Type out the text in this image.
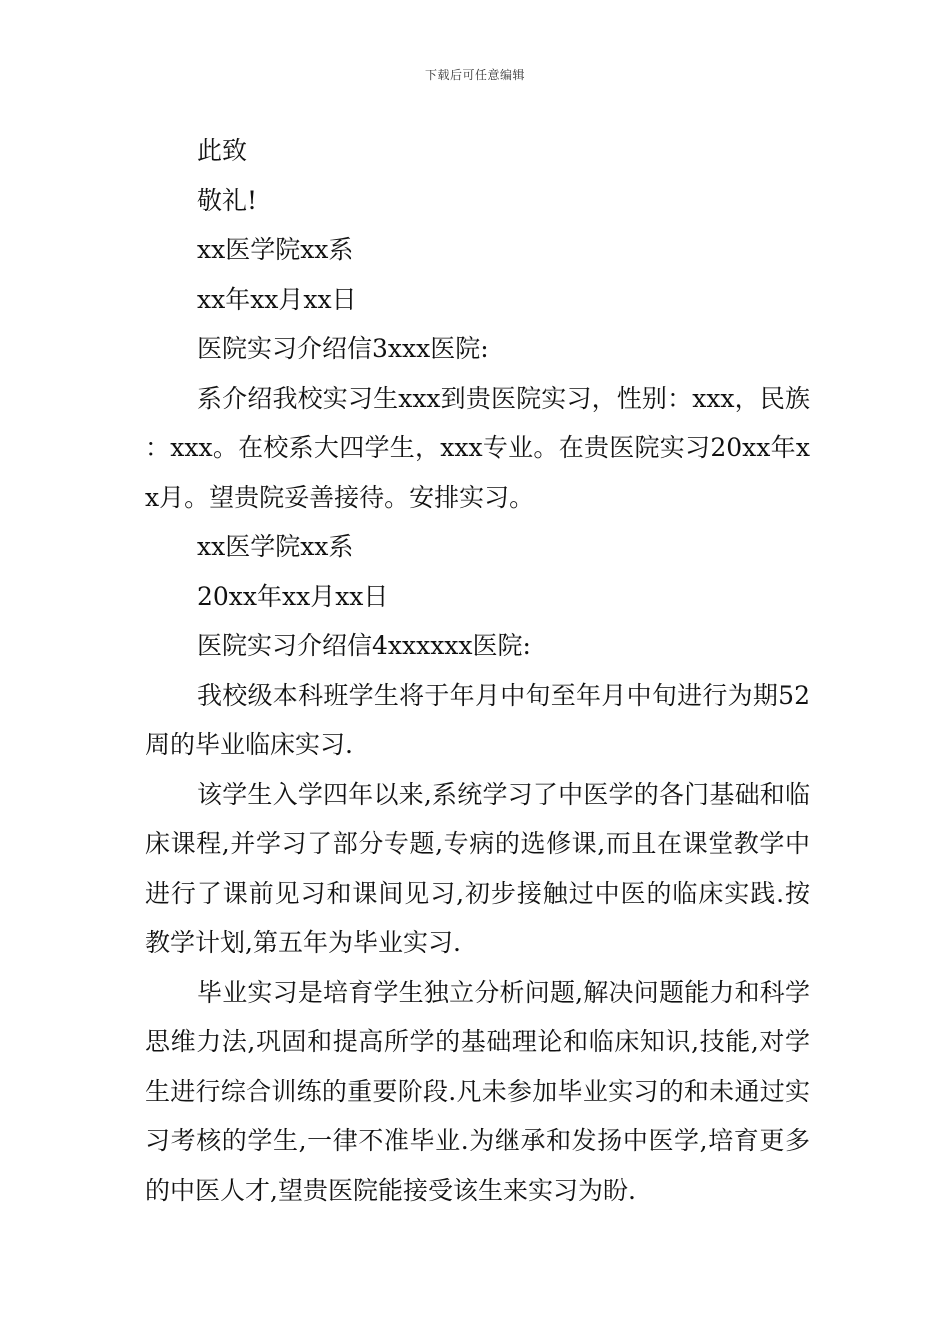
下载后可任意编辑

此致

敬礼!

xx医学院xx系

xx年xx月xx日

医院实习介绍信3xxx医院:

系介绍我校实习生xxx到贵医院实习，性别：xxx，民族：xxx。在校系大四学生，xxx专业。在贵医院实习20xx年xx月。望贵院妥善接待。安排实习。

xx医学院xx系

20xx年xx月xx日

医院实习介绍信4xxxxxx医院:

我校级本科班学生将于年月中旬至年月中旬进行为期52周的毕业临床实习.

该学生入学四年以来,系统学习了中医学的各门基础和临床课程,并学习了部分专题,专病的选修课,而且在课堂教学中进行了课前见习和课间见习,初步接触过中医的临床实践.按教学计划,第五年为毕业实习.

毕业实习是培育学生独立分析问题,解决问题能力和科学思维力法,巩固和提高所学的基础理论和临床知识,技能,对学生进行综合训练的重要阶段.凡未参加毕业实习的和未通过实习考核的学生,一律不准毕业.为继承和发扬中医学,培育更多的中医人才,望贵医院能接受该生来实习为盼.
